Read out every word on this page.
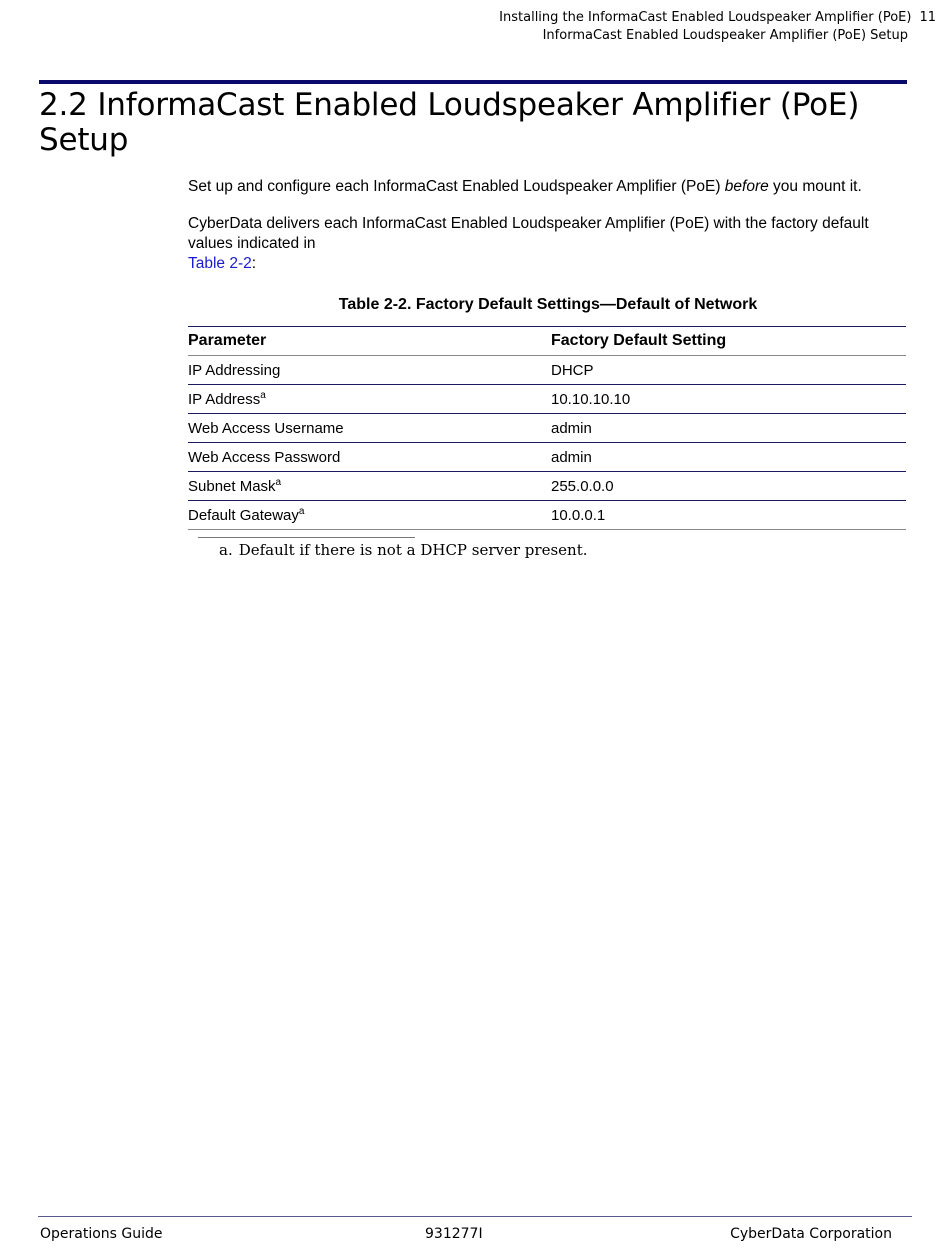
Installing the InformaCast Enabled Loudspeaker Amplifier (PoE) 11
InformaCast Enabled Loudspeaker Amplifier (PoE) Setup
2.2 InformaCast Enabled Loudspeaker Amplifier (PoE) Setup

Set up and configure each InformaCast Enabled Loudspeaker Amplifier (PoE) before you mount it.

CyberData delivers each InformaCast Enabled Loudspeaker Amplifier (PoE) with the factory default values indicated in
Table 2-2:

Table 2-2. Factory Default Settings—Default of Network
Parameter	Factory Default Setting
IP Addressing	DHCP
IP Address$^a$	10.10.10.10
Web Access Username	admin
Web Access Password	admin
Subnet Mask$^a$	255.0.0.0
Default Gateway$^a$	10.0.0.1
a. Default if there is not a DHCP server present.
Operations Guide	931277I	CyberData Corporation
